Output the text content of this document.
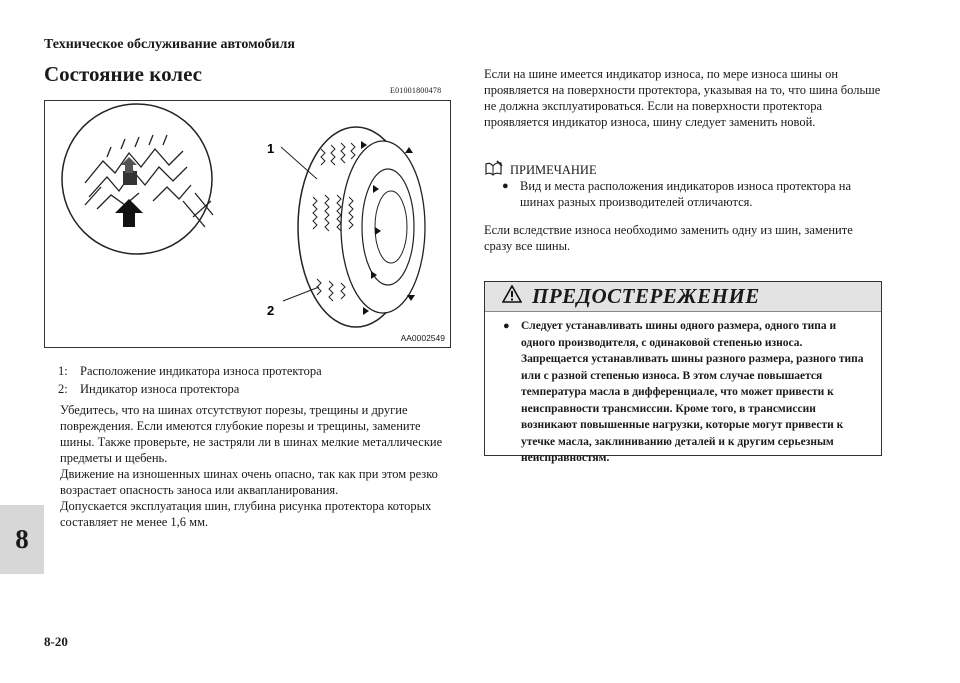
Техническое обслуживание автомобиля
Состояние колес
E01001800478
1
2
AA0002549
1: Расположение индикатора износа протектора
2: Индикатор износа протектора

Убедитесь, что на шинах отсутствуют порезы, трещины и другие повреждения. Если имеются глубокие порезы и трещины, замените шины. Также проверьте, не застряли ли в шинах мелкие металлические предметы и щебень.

Движение на изношенных шинах очень опасно, так как при этом резко возрастает опасность заноса или аквапланирования.

Допускается эксплуатация шин, глубина рисунка протектора которых составляет не менее 1,6 мм.

Если на шине имеется индикатор износа, по мере износа шины он проявляется на поверхности протектора, указывая на то, что шина больше не должна эксплуатироваться. Если на поверхности протектора проявляется индикатор износа, шину следует заменить новой.
ПРИМЕЧАНИЕ
● Вид и места расположения индикаторов износа протектора на шинах разных производителей отличаются.
Если вследствие износа необходимо заменить одну из шин, замените сразу все шины.
ПРЕДОСТЕРЕЖЕНИЕ
● Следует устанавливать шины одного размера, одного типа и одного производителя, с одинаковой степенью износа. Запрещается устанавливать шины разного размера, разного типа или с разной степенью износа. В этом случае повышается температура масла в дифференциале, что может привести к неисправности трансмиссии. Кроме того, в трансмиссии возникают повышенные нагрузки, которые могут привести к утечке масла, заклиниванию деталей и к другим серьезным неисправностям.
8
8-20
